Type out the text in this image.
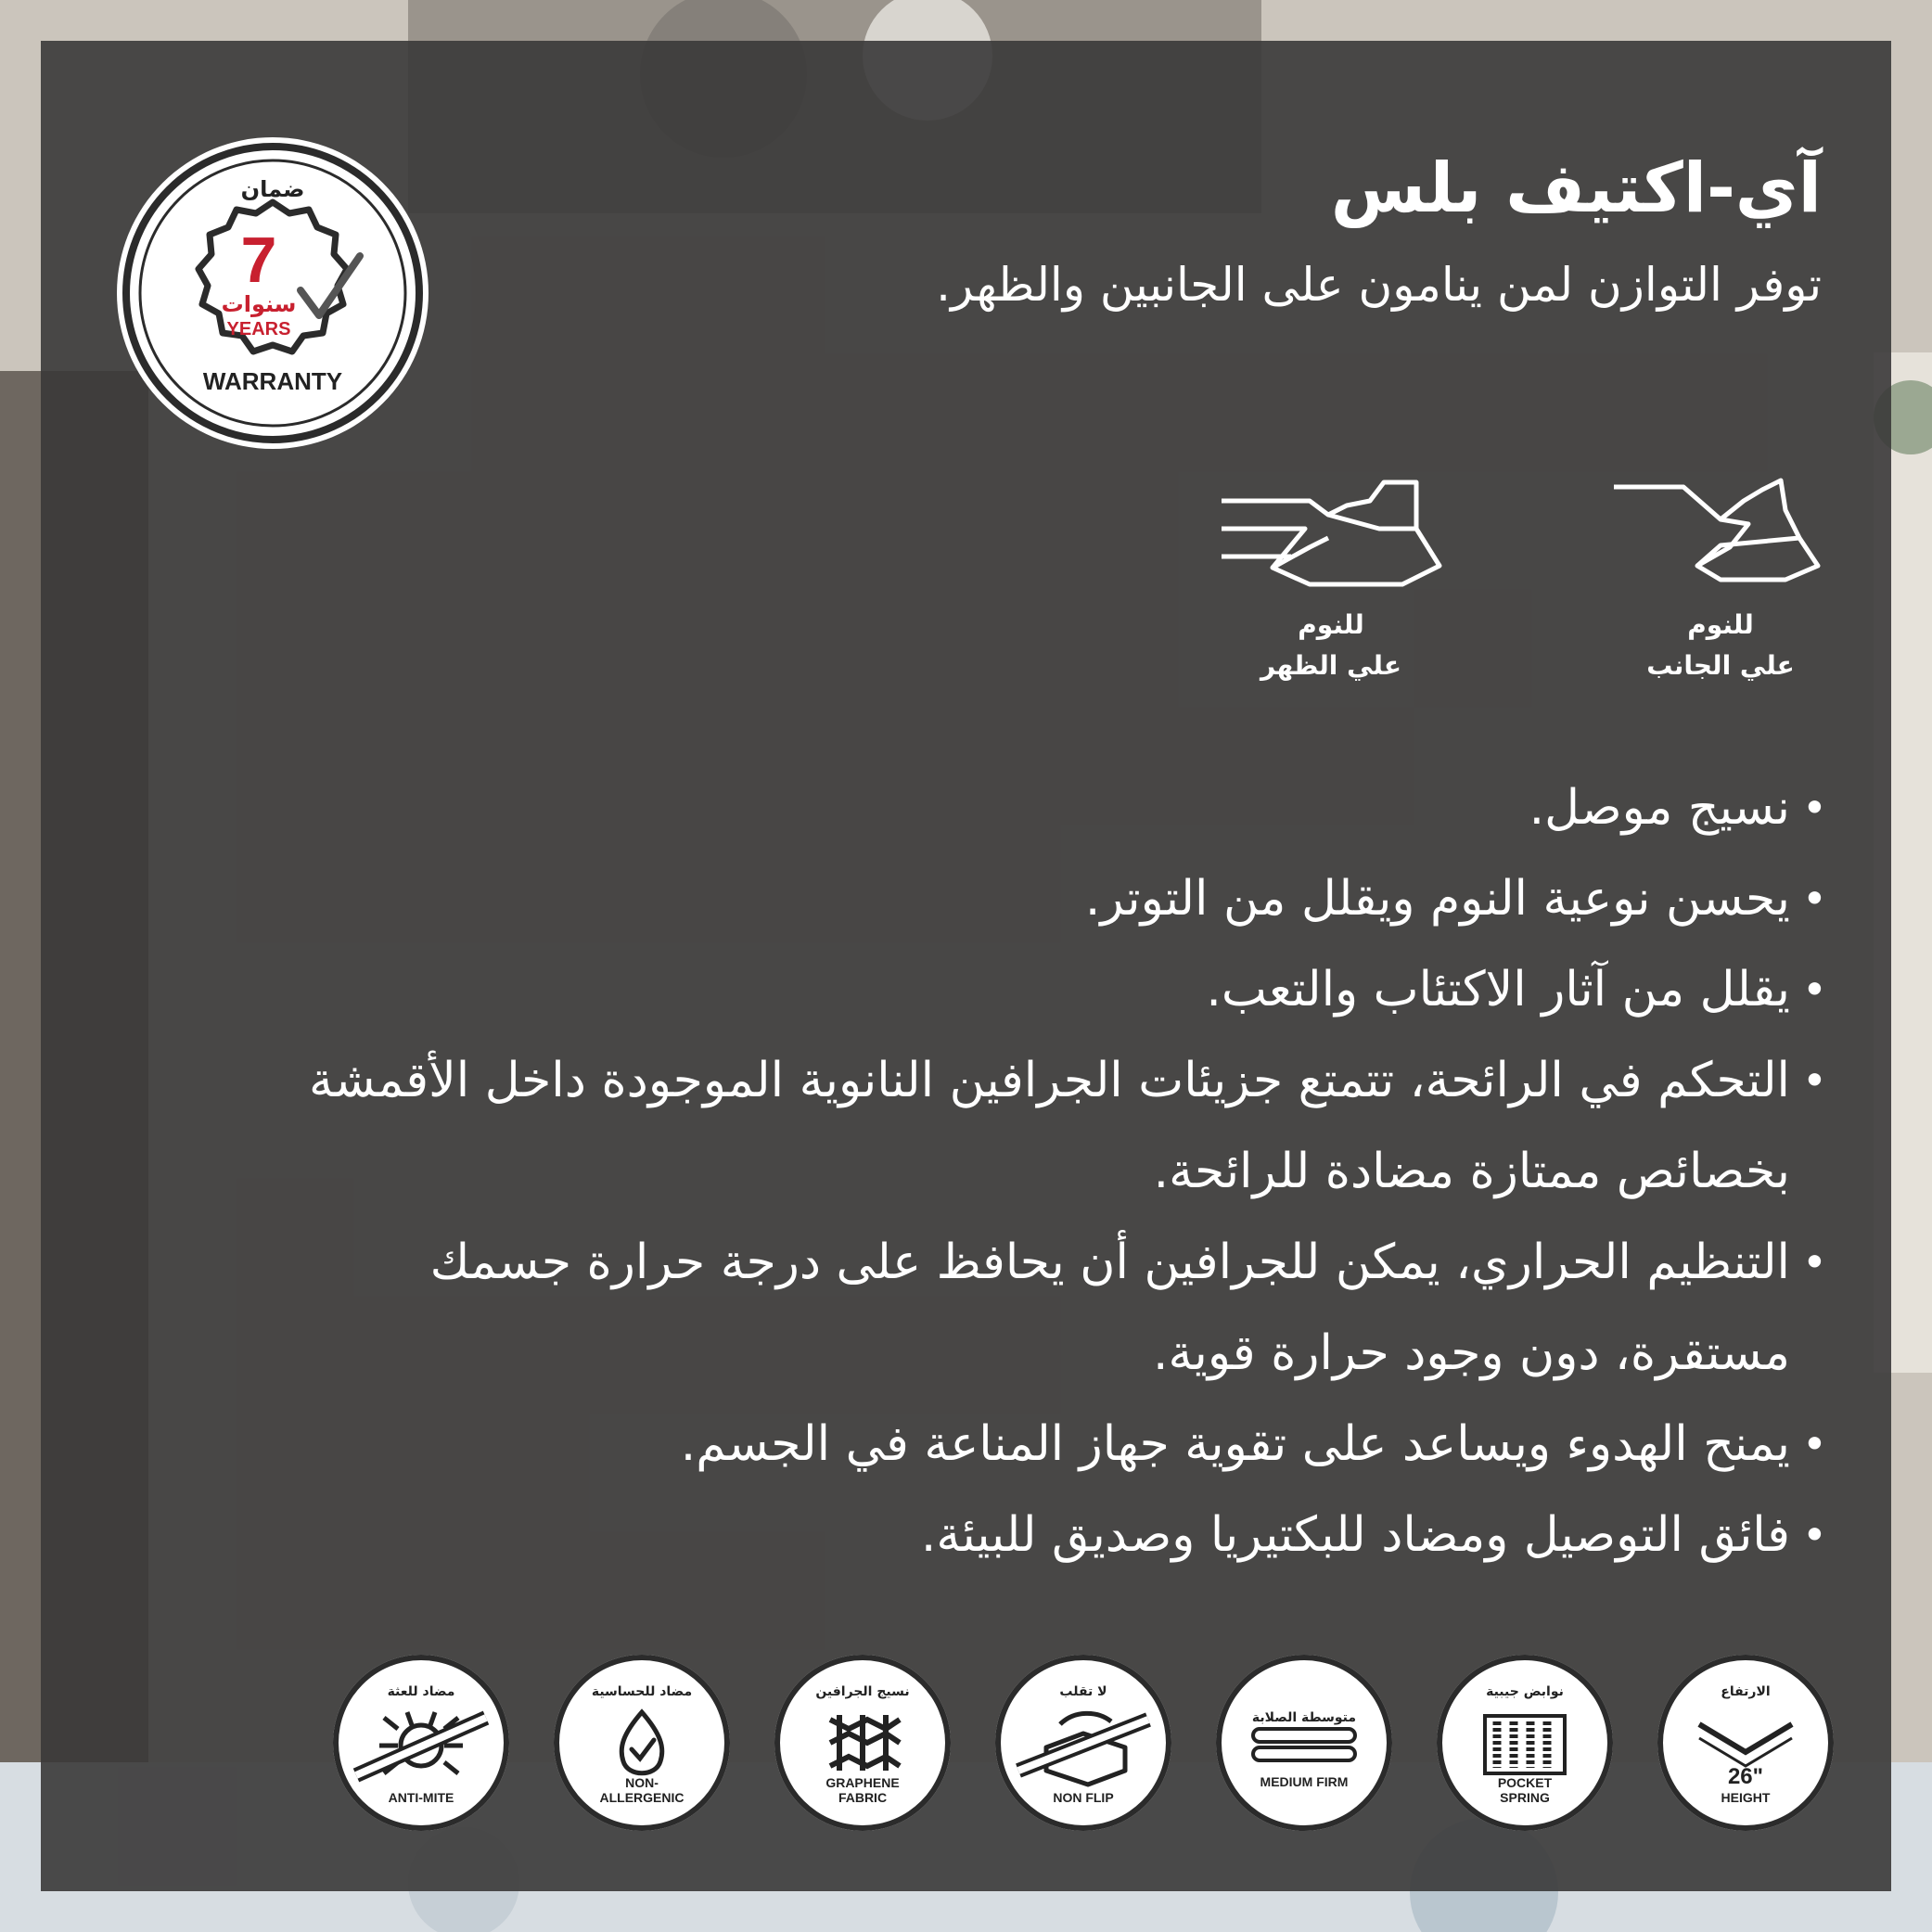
ضمان
7
سنوات
YEARS
WARRANTY
آي-اكتيف بلس
توفر التوازن لمن ينامون على الجانبين والظهر.
للنوم
علي الجانب
للنوم
علي الظهر
• نسيج موصل.
• يحسن نوعية النوم ويقلل من التوتر.
• يقلل من آثار الاكتئاب والتعب.
• التحكم في الرائحة، تتمتع جزيئات الجرافين النانوية الموجودة داخل الأقمشة بخصائص ممتازة مضادة للرائحة.
• التنظيم الحراري، يمكن للجرافين أن يحافظ على درجة حرارة جسمك مستقرة، دون وجود حرارة قوية.
• يمنح الهدوء ويساعد على تقوية جهاز المناعة في الجسم.
• فائق التوصيل ومضاد للبكتيريا وصديق للبيئة.
مضاد للعثة
ANTI-MITE
مضاد للحساسية
NON-ALLERGENIC
نسيج الجرافين
GRAPHENE FABRIC
لا تقلب
NON FLIP
متوسطة الصلابة
MEDIUM FIRM
نوابض جيبية
POCKET SPRING
الارتفاع
26"
HEIGHT
